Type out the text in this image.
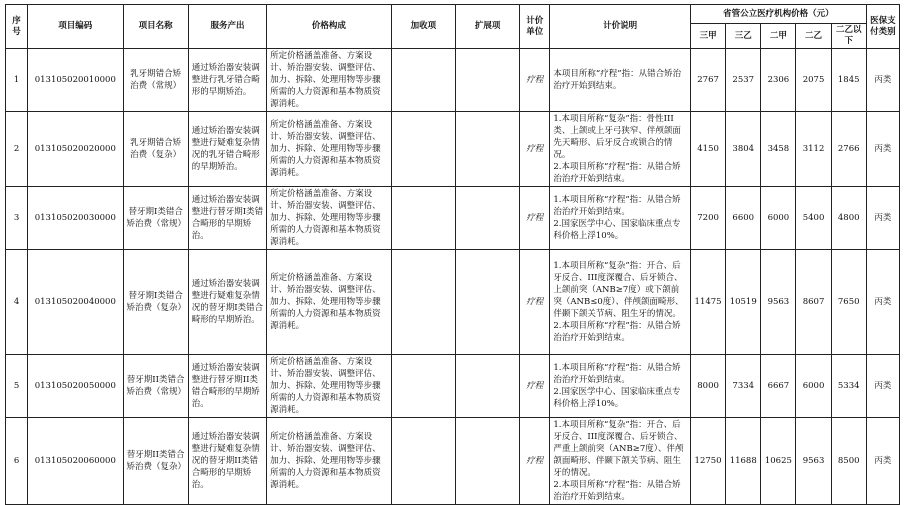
序号	项目编码	项目名称	服务产出	价格构成	加收项	扩展项	计价单位	计价说明	省管公立医疗机构价格（元）					医保支付类别
									三甲	三乙	二甲	二乙	二乙以下	
1	013105020010000	乳牙期错合矫治费（常规）	通过矫治器安装调整进行乳牙错合畸形的早期矫治。	所定价格涵盖准备、方案设计、矫治器安装、调整评估、加力、拆除、处理用物等步骤所需的人力资源和基本物质资源消耗。			疗程	本项目所称“疗程”指：从错合矫治治疗开始到结束。	2767	2537	2306	2075	1845	丙类
2	013105020020000	乳牙期错合矫治费（复杂）	通过矫治器安装调整进行疑难复杂情况的乳牙错合畸形的早期矫治。	所定价格涵盖准备、方案设计、矫治器安装、调整评估、加力、拆除、处理用物等步骤所需的人力资源和基本物质资源消耗。			疗程	1.本项目所称“复杂”指：骨性III类、上颌或上牙弓狭窄、伴颅颌面先天畸形、后牙反合或锁合的情况。
2.本项目所称“疗程”指：从错合矫治治疗开始到结束。	4150	3804	3458	3112	2766	丙类
3	013105020030000	替牙期I类错合矫治费（常规）	通过矫治器安装调整进行替牙期I类错合畸形的早期矫治。	所定价格涵盖准备、方案设计、矫治器安装、调整评估、加力、拆除、处理用物等步骤所需的人力资源和基本物质资源消耗。			疗程	1.本项目所称“疗程”指：从错合矫治治疗开始到结束。
2.国家医学中心、国家临床重点专科价格上浮10%。	7200	6600	6000	5400	4800	丙类
4	013105020040000	替牙期I类错合矫治费（复杂）	通过矫治器安装调整进行疑难复杂情况的替牙期I类错合畸形的早期矫治。	所定价格涵盖准备、方案设计、矫治器安装、调整评估、加力、拆除、处理用物等步骤所需的人力资源和基本物质资源消耗。			疗程	1.本项目所称“复杂”指：开合、后牙反合、III度深覆合、后牙锁合、上颌前突（ANB≥7度）或下颌前突（ANB≤0度）、伴颅颌面畸形、伴颞下颌关节病、阻生牙的情况。
2.本项目所称“疗程”指：从错合矫治治疗开始到结束。	11475	10519	9563	8607	7650	丙类
5	013105020050000	替牙期II类错合矫治费（常规）	通过矫治器安装调整进行替牙期II类错合畸形的早期矫治。	所定价格涵盖准备、方案设计、矫治器安装、调整评估、加力、拆除、处理用物等步骤所需的人力资源和基本物质资源消耗。			疗程	1.本项目所称“疗程”指：从错合矫治治疗开始到结束。
2.国家医学中心、国家临床重点专科价格上浮10%。	8000	7334	6667	6000	5334	丙类
6	013105020060000	替牙期II类错合矫治费（复杂）	通过矫治器安装调整进行疑难复杂情况的替牙期II类错合畸形的早期矫治。	所定价格涵盖准备、方案设计、矫治器安装、调整评估、加力、拆除、处理用物等步骤所需的人力资源和基本物质资源消耗。			疗程	1.本项目所称“复杂”指：开合、后牙反合、III度深覆合、后牙锁合、严重上颌前突（ANB≥7度）、伴颅颌面畸形、伴颞下颌关节病、阻生牙的情况。
2.本项目所称“疗程”指：从错合矫治治疗开始到结束。	12750	11688	10625	9563	8500	丙类
